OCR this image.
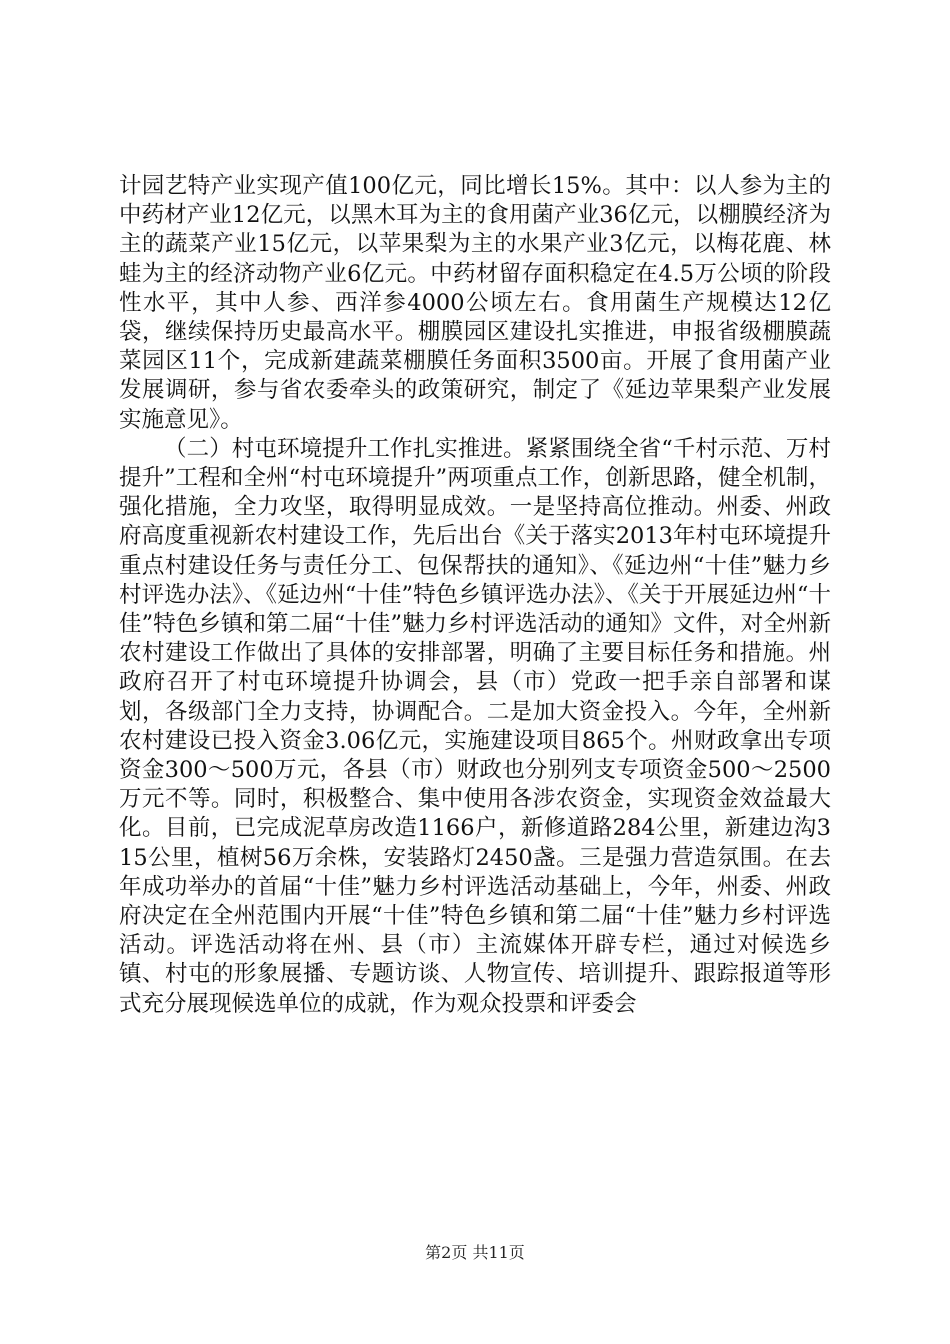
计园艺特产业实现产值100亿元，同比增长15%。其中：以人参为主的中药材产业12亿元，以黑木耳为主的食用菌产业36亿元，以棚膜经济为主的蔬菜产业15亿元，以苹果梨为主的水果产业3亿元，以梅花鹿、林蛙为主的经济动物产业6亿元。中药材留存面积稳定在4.5万公顷的阶段性水平，其中人参、西洋参4000公顷左右。食用菌生产规模达12亿袋，继续保持历史最高水平。棚膜园区建设扎实推进，申报省级棚膜蔬菜园区11个，完成新建蔬菜棚膜任务面积3500亩。开展了食用菌产业发展调研，参与省农委牵头的政策研究，制定了《延边苹果梨产业发展实施意见》。

（二）村屯环境提升工作扎实推进。紧紧围绕全省“千村示范、万村提升”工程和全州“村屯环境提升”两项重点工作，创新思路，健全机制，强化措施，全力攻坚，取得明显成效。一是坚持高位推动。州委、州政府高度重视新农村建设工作，先后出台《关于落实2013年村屯环境提升重点村建设任务与责任分工、包保帮扶的通知》、《延边州“十佳”魅力乡村评选办法》、《延边州“十佳”特色乡镇评选办法》、《关于开展延边州“十佳”特色乡镇和第二届“十佳”魅力乡村评选活动的通知》文件，对全州新农村建设工作做出了具体的安排部署，明确了主要目标任务和措施。州政府召开了村屯环境提升协调会，县（市）党政一把手亲自部署和谋划，各级部门全力支持，协调配合。二是加大资金投入。今年，全州新农村建设已投入资金3.06亿元，实施建设项目865个。州财政拿出专项资金300～500万元，各县（市）财政也分别列支专项资金500～2500万元不等。同时，积极整合、集中使用各涉农资金，实现资金效益最大化。目前，已完成泥草房改造1166户，新修道路284公里，新建边沟315公里，植树56万余株，安装路灯2450盏。三是强力营造氛围。在去年成功举办的首届“十佳”魅力乡村评选活动基础上，今年，州委、州政府决定在全州范围内开展“十佳”特色乡镇和第二届“十佳”魅力乡村评选活动。评选活动将在州、县（市）主流媒体开辟专栏，通过对候选乡镇、村屯的形象展播、专题访谈、人物宣传、培训提升、跟踪报道等形式充分展现候选单位的成就，作为观众投票和评委会

第2页 共11页
